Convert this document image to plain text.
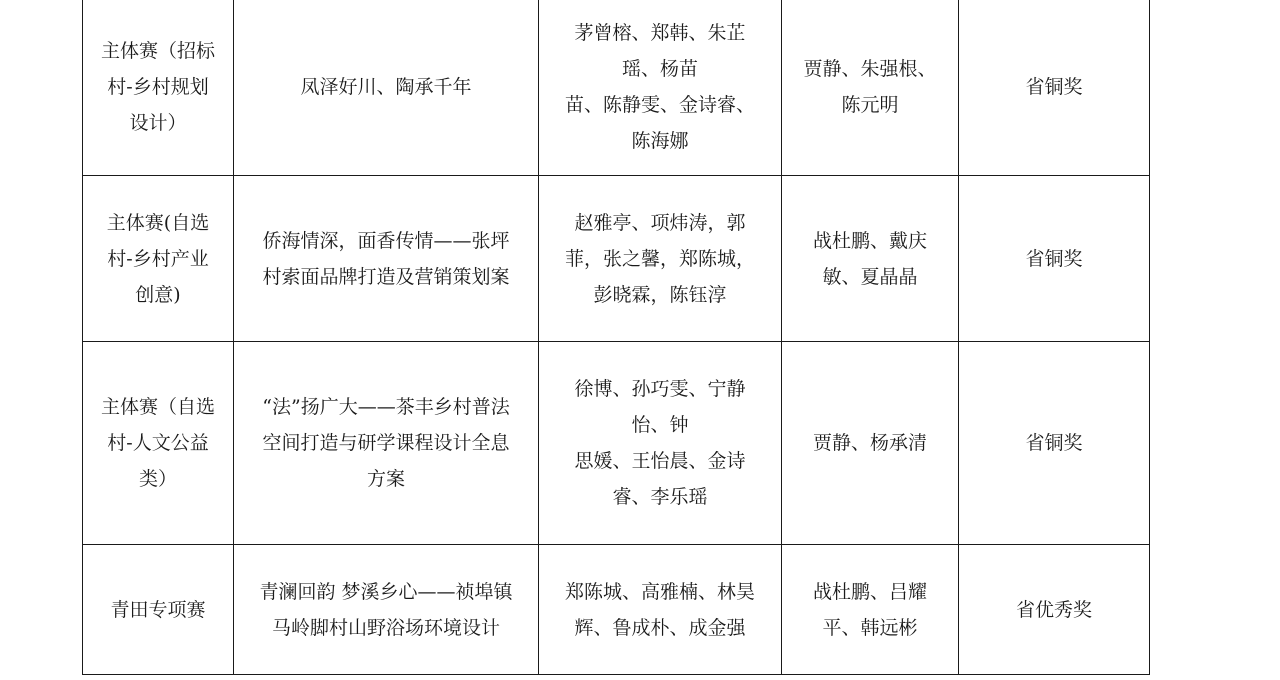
主体赛（招标
村-乡村规划
设计）	凤泽好川、陶承千年	茅曾榕、郑韩、朱芷
瑶、杨苗
苗、陈静雯、金诗睿、
陈海娜	贾静、朱强根、
陈元明	省铜奖

主体赛(自选
村-乡村产业
创意)	侨海情深，面香传情——张坪
村索面品牌打造及营销策划案	赵雅亭、项炜涛，郭
菲，张之馨，郑陈城，
彭晓霖，陈钰淳	战杜鹏、戴庆
敏、夏晶晶	省铜奖

主体赛（自选
村-人文公益
类）	“法”扬广大——茶丰乡村普法
空间打造与研学课程设计全息
方案	徐博、孙巧雯、宁静
怡、钟
思媛、王怡晨、金诗
睿、李乐瑶	贾静、杨承清	省铜奖

青田专项赛	青澜回韵 梦溪乡心——祯埠镇
马岭脚村山野浴场环境设计	郑陈城、高雅楠、林昊
辉、鲁成朴、成金强	战杜鹏、吕耀
平、韩远彬	省优秀奖
